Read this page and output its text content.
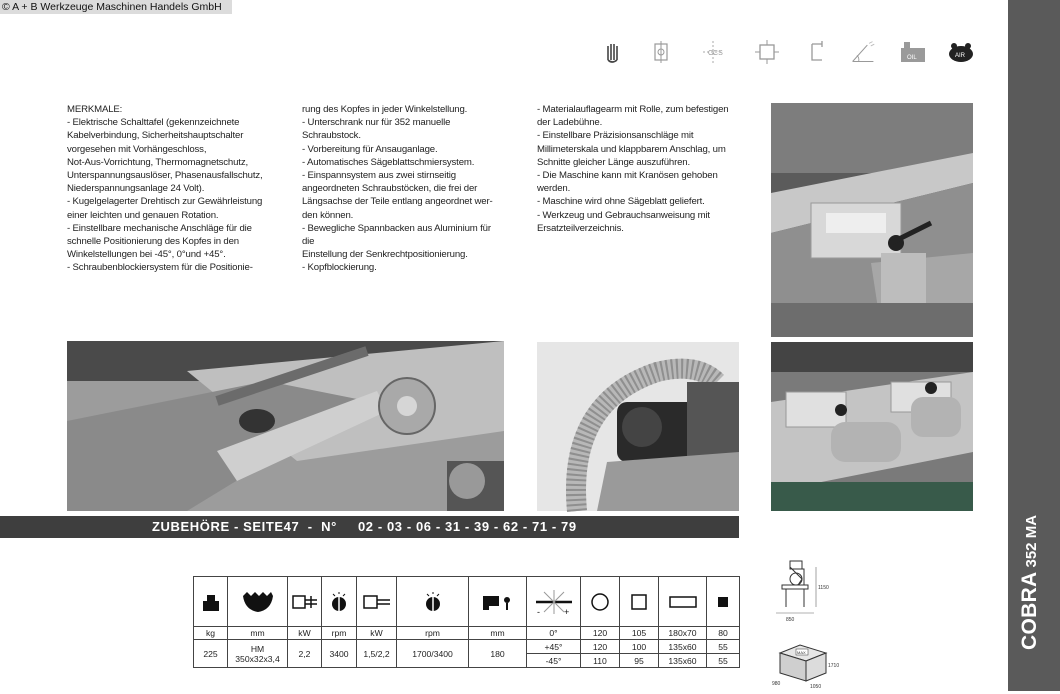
© A + B Werkzeuge Maschinen Handels GmbH
CCS
OIL	AIR
MERKMALE:
- Elektrische Schalttafel (gekennzeichnete
Kabelverbindung, Sicherheitshauptschalter
vorgesehen mit Vorhängeschloss,
Not-Aus-Vorrichtung, Thermomagnetschutz,
Unterspannungsauslöser, Phasenausfallschutz,
Niederspannungsanlage 24 Volt).
- Kugelgelagerter Drehtisch zur Gewährleistung
einer leichten und genauen Rotation.
- Einstellbare mechanische Anschläge für die
schnelle Positionierung des Kopfes in den
Winkelstellungen bei -45°, 0°und +45°.
- Schraubenblockiersystem für die Positionie-
rung des Kopfes in jeder Winkelstellung.
- Unterschrank nur für 352 manuelle
Schraubstock.
- Vorbereitung für Ansauganlage.
- Automatisches Sägeblattschmiersystem.
- Einspannsystem aus zwei stirnseitig
angeordneten Schraubstöcken, die frei der
Längsachse der Teile entlang angeordnet wer-
den können.
- Bewegliche Spannbacken aus Aluminium für
die
Einstellung der Senkrechtpositionierung.
- Kopfblockierung.
- Materialauflagearm mit Rolle, zum befestigen
der Ladebühne.
- Einstellbare Präzisionsanschläge mit
Millimeterskala und klappbarem Anschlag, um
Schnitte gleicher Länge auszuführen.
- Die Maschine kann mit Kranösen gehoben
werden.
- Maschine wird ohne Sägeblatt geliefert.
- Werkzeug und Gebrauchsanweisung mit
Ersatzteilverzeichnis.
ZUBEHÖRE - SEITE47  -  N°     02 - 03 - 06 - 31 - 39 - 62 - 71 - 79
COBRA352 MA

- +

kg	mm	kW	rpm	kW	rpm	mm	0°	120	105	180x70	80
225	HM 350x32x3,4	2,2	3400	1,5/2,2	1700/3400	180	+45°	120	100	135x60	55
							-45°	110	95	135x60	55
1150
850
MAX
1710
980	1050
